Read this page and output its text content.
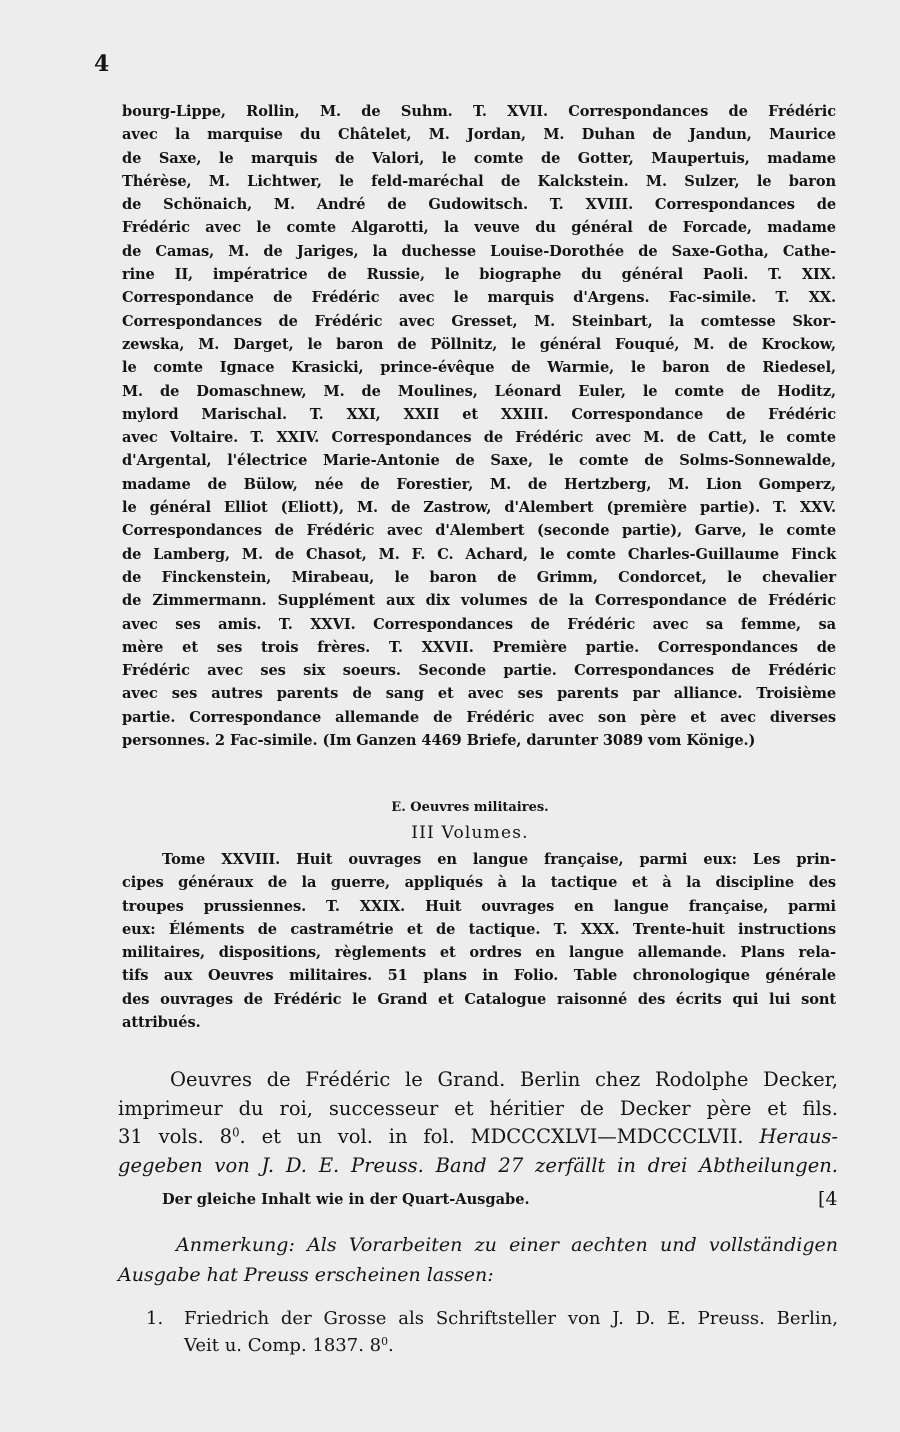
4
bourg-Lippe, Rollin, M. de Suhm. T. XVII. Correspondances de Frédéric
avec la marquise du Châtelet, M. Jordan, M. Duhan de Jandun, Maurice
de Saxe, le marquis de Valori, le comte de Gotter, Maupertuis, madame
Thérèse, M. Lichtwer, le feld-maréchal de Kalckstein. M. Sulzer, le baron
de Schönaich, M. André de Gudowitsch. T. XVIII. Correspondances de
Frédéric avec le comte Algarotti, la veuve du général de Forcade, madame
de Camas, M. de Jariges, la duchesse Louise-Dorothée de Saxe-Gotha, Cathe-
rine II, impératrice de Russie, le biographe du général Paoli. T. XIX.
Correspondance de Frédéric avec le marquis d'Argens. Fac-simile. T. XX.
Correspondances de Frédéric avec Gresset, M. Steinbart, la comtesse Skor-
zewska, M. Darget, le baron de Pöllnitz, le général Fouqué, M. de Krockow,
le comte Ignace Krasicki, prince-évêque de Warmie, le baron de Riedesel,
M. de Domaschnew, M. de Moulines, Léonard Euler, le comte de Hoditz,
mylord Marischal. T. XXI, XXII et XXIII. Correspondance de Frédéric
avec Voltaire. T. XXIV. Correspondances de Frédéric avec M. de Catt, le comte
d'Argental, l'électrice Marie-Antonie de Saxe, le comte de Solms-Sonnewalde,
madame de Bülow, née de Forestier, M. de Hertzberg, M. Lion Gomperz,
le général Elliot (Eliott), M. de Zastrow, d'Alembert (première partie). T. XXV.
Correspondances de Frédéric avec d'Alembert (seconde partie), Garve, le comte
de Lamberg, M. de Chasot, M. F. C. Achard, le comte Charles-Guillaume Finck
de Finckenstein, Mirabeau, le baron de Grimm, Condorcet, le chevalier
de Zimmermann. Supplément aux dix volumes de la Correspondance de Frédéric
avec ses amis. T. XXVI. Correspondances de Frédéric avec sa femme, sa
mère et ses trois frères. T. XXVII. Première partie. Correspondances de
Frédéric avec ses six soeurs. Seconde partie. Correspondances de Frédéric
avec ses autres parents de sang et avec ses parents par alliance. Troisième
partie. Correspondance allemande de Frédéric avec son père et avec diverses
personnes. 2 Fac-simile. (Im Ganzen 4469 Briefe, darunter 3089 vom Könige.)
E. Oeuvres militaires.
III Volumes.
Tome XXVIII. Huit ouvrages en langue française, parmi eux: Les prin-
cipes généraux de la guerre, appliqués à la tactique et à la discipline des
troupes prussiennes. T. XXIX. Huit ouvrages en langue française, parmi
eux: Éléments de castramétrie et de tactique. T. XXX. Trente-huit instructions
militaires, dispositions, règlements et ordres en langue allemande. Plans rela-
tifs aux Oeuvres militaires. 51 plans in Folio. Table chronologique générale
des ouvrages de Frédéric le Grand et Catalogue raisonné des écrits qui lui sont
attribués.
Oeuvres de Frédéric le Grand. Berlin chez Rodolphe Decker,
imprimeur du roi, successeur et héritier de Decker père et fils.
31 vols. $8^0$. et un vol. in fol. MDCCCXLVI—MDCCCLVII. Heraus-
gegeben von J. D. E. Preuss. Band 27 zerfällt in drei Abtheilungen.
Der gleiche Inhalt wie in der Quart-Ausgabe.	[4
Anmerkung: Als Vorarbeiten zu einer aechten und vollständigen
Ausgabe hat Preuss erscheinen lassen:
1. Friedrich der Grosse als Schriftsteller von J. D. E. Preuss. Berlin,
Veit u. Comp. 1837. $8^0$.
